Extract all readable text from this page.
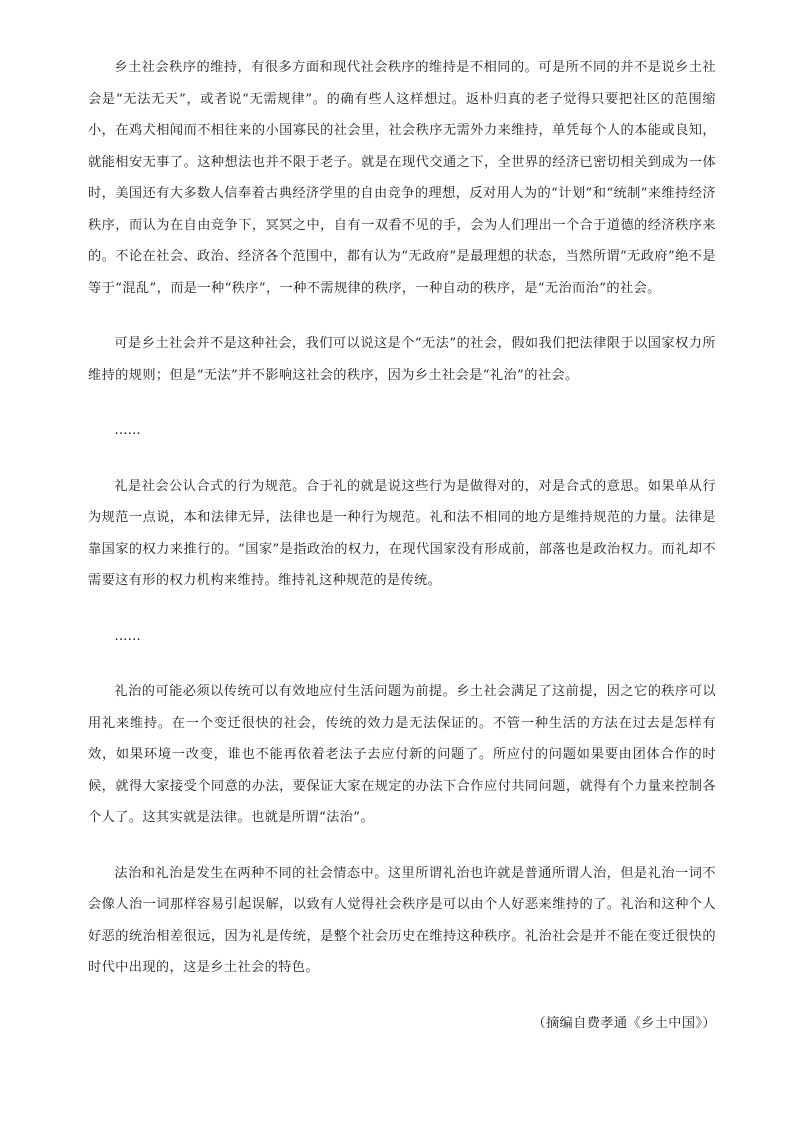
乡土社会秩序的维持，有很多方面和现代社会秩序的维持是不相同的。可是所不同的并不是说乡土社会是“无法无天”，或者说“无需规律”。的确有些人这样想过。返朴归真的老子觉得只要把社区的范围缩小，在鸡犬相闻而不相往来的小国寡民的社会里，社会秩序无需外力来维持，单凭每个人的本能或良知，就能相安无事了。这种想法也并不限于老子。就是在现代交通之下，全世界的经济已密切相关到成为一体时，美国还有大多数人信奉着古典经济学里的自由竞争的理想，反对用人为的“计划”和“统制”来维持经济秩序，而认为在自由竞争下，冥冥之中，自有一双看不见的手，会为人们理出一个合于道德的经济秩序来的。不论在社会、政治、经济各个范围中，都有认为“无政府”是最理想的状态，当然所谓“无政府”绝不是等于“混乱”，而是一种“秩序”，一种不需规律的秩序，一种自动的秩序，是“无治而治”的社会。

可是乡土社会并不是这种社会，我们可以说这是个“无法”的社会，假如我们把法律限于以国家权力所维持的规则；但是“无法”并不影响这社会的秩序，因为乡土社会是“礼治”的社会。

……

礼是社会公认合式的行为规范。合于礼的就是说这些行为是做得对的，对是合式的意思。如果单从行为规范一点说，本和法律无异，法律也是一种行为规范。礼和法不相同的地方是维持规范的力量。法律是靠国家的权力来推行的。“国家”是指政治的权力，在现代国家没有形成前，部落也是政治权力。而礼却不需要这有形的权力机构来维持。维持礼这种规范的是传统。

……

礼治的可能必须以传统可以有效地应付生活问题为前提。乡土社会满足了这前提，因之它的秩序可以用礼来维持。在一个变迁很快的社会，传统的效力是无法保证的。不管一种生活的方法在过去是怎样有效，如果环境一改变，谁也不能再依着老法子去应付新的问题了。所应付的问题如果要由团体合作的时候，就得大家接受个同意的办法，要保证大家在规定的办法下合作应付共同问题，就得有个力量来控制各个人了。这其实就是法律。也就是所谓“法治”。

法治和礼治是发生在两种不同的社会情态中。这里所谓礼治也许就是普通所谓人治，但是礼治一词不会像人治一词那样容易引起误解，以致有人觉得社会秩序是可以由个人好恶来维持的了。礼治和这种个人好恶的统治相差很远，因为礼是传统，是整个社会历史在维持这种秩序。礼治社会是并不能在变迁很快的时代中出现的，这是乡土社会的特色。

（摘编自费孝通《乡土中国》）
